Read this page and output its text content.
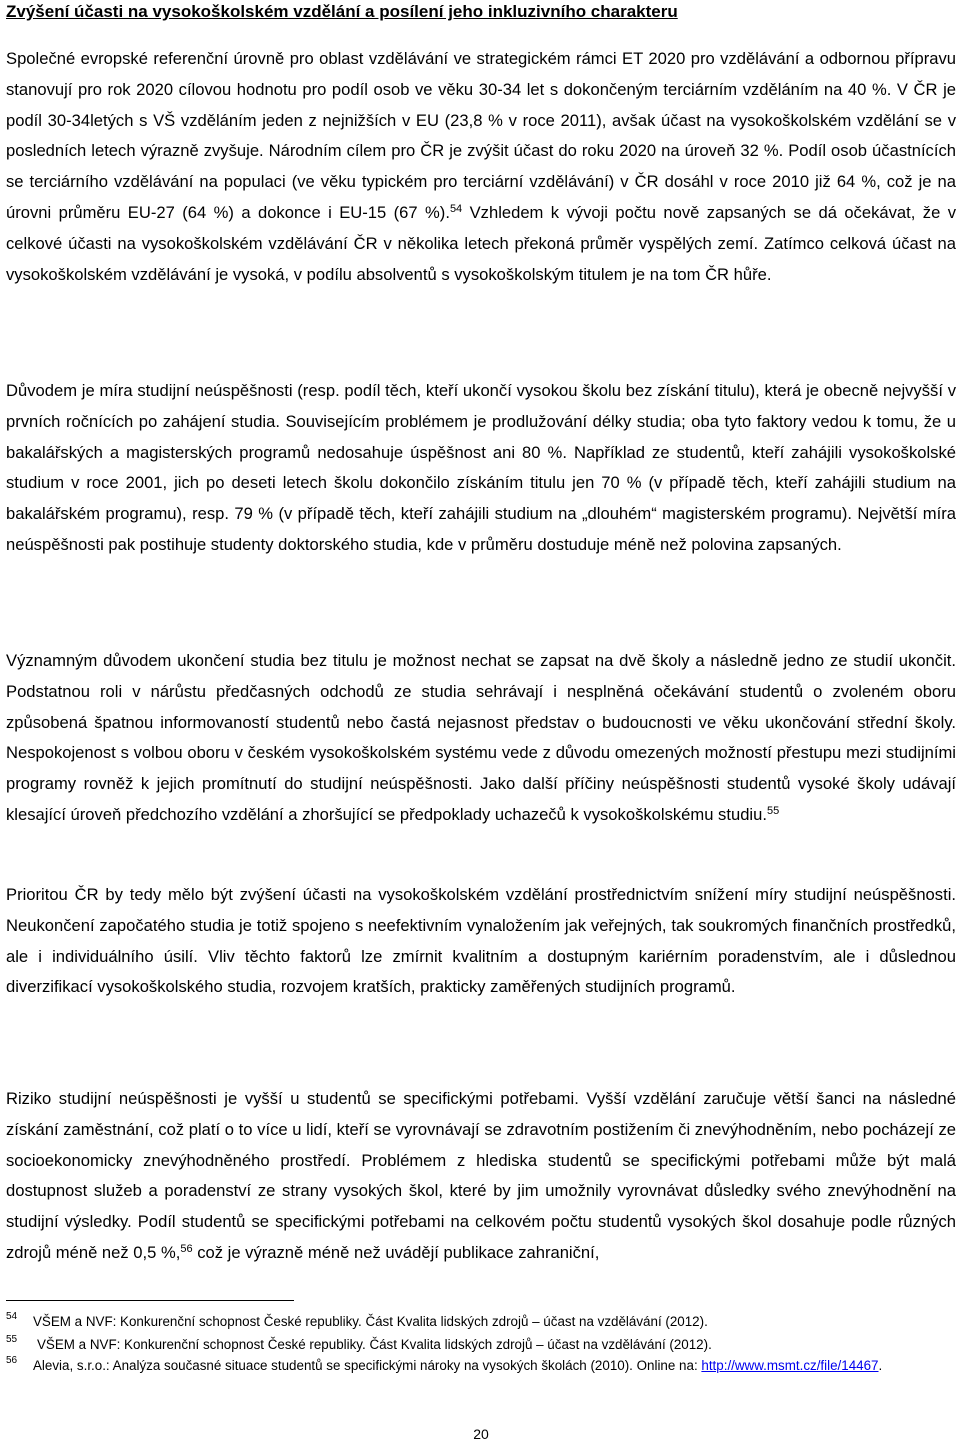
Zvýšení účasti na vysokoškolském vzdělání a posílení jeho inkluzivního charakteru

Společné evropské referenční úrovně pro oblast vzdělávání ve strategickém rámci ET 2020 pro vzdělávání a odbornou přípravu stanovují pro rok 2020 cílovou hodnotu pro podíl osob ve věku 30-34 let s dokončeným terciárním vzděláním na 40 %. V ČR je podíl 30-34letých s VŠ vzděláním jeden z nejnižších v EU (23,8 % v roce 2011), avšak účast na vysokoškolském vzdělání se v posledních letech výrazně zvyšuje. Národním cílem pro ČR je zvýšit účast do roku 2020 na úroveň 32 %. Podíl osob účastnících se terciárního vzdělávání na populaci (ve věku typickém pro terciární vzdělávání) v ČR dosáhl v roce 2010 již 64 %, což je na úrovni průměru EU-27 (64 %) a dokonce i EU-15 (67 %).$^{54}$ Vzhledem k vývoji počtu nově zapsaných se dá očekávat, že v celkové účasti na vysokoškolském vzdělávání ČR v několika letech překoná průměr vyspělých zemí. Zatímco celková účast na vysokoškolském vzdělávání je vysoká, v podílu absolventů s vysokoškolským titulem je na tom ČR hůře.

Důvodem je míra studijní neúspěšnosti (resp. podíl těch, kteří ukončí vysokou školu bez získání titulu), která je obecně nejvyšší v prvních ročnících po zahájení studia. Souvisejícím problémem je prodlužování délky studia; oba tyto faktory vedou k tomu, že u bakalářských a magisterských programů nedosahuje úspěšnost ani 80 %. Například ze studentů, kteří zahájili vysokoškolské studium v roce 2001, jich po deseti letech školu dokončilo získáním titulu jen 70 % (v případě těch, kteří zahájili studium na bakalářském programu), resp. 79 % (v případě těch, kteří zahájili studium na „dlouhém“ magisterském programu). Největší míra neúspěšnosti pak postihuje studenty doktorského studia, kde v průměru dostuduje méně než polovina zapsaných.

Významným důvodem ukončení studia bez titulu je možnost nechat se zapsat na dvě školy a následně jedno ze studií ukončit. Podstatnou roli v nárůstu předčasných odchodů ze studia sehrávají i nesplněná očekávání studentů o zvoleném oboru způsobená špatnou informovaností studentů nebo častá nejasnost představ o budoucnosti ve věku ukončování střední školy. Nespokojenost s volbou oboru v českém vysokoškolském systému vede z důvodu omezených možností přestupu mezi studijními programy rovněž k jejich promítnutí do studijní neúspěšnosti. Jako další příčiny neúspěšnosti studentů vysoké školy udávají klesající úroveň předchozího vzdělání a zhoršující se předpoklady uchazečů k vysokoškolskému studiu.$^{55}$

Prioritou ČR by tedy mělo být zvýšení účasti na vysokoškolském vzdělání prostřednictvím snížení míry studijní neúspěšnosti. Neukončení započatého studia je totiž spojeno s neefektivním vynaložením jak veřejných, tak soukromých finančních prostředků, ale i individuálního úsilí. Vliv těchto faktorů lze zmírnit kvalitním a dostupným kariérním poradenstvím, ale i důslednou diverzifikací vysokoškolského studia, rozvojem kratších, prakticky zaměřených studijních programů.

Riziko studijní neúspěšnosti je vyšší u studentů se specifickými potřebami. Vyšší vzdělání zaručuje větší šanci na následné získání zaměstnání, což platí o to více u lidí, kteří se vyrovnávají se zdravotním postižením či znevýhodněním, nebo pocházejí ze socioekonomicky znevýhodněného prostředí. Problémem z hlediska studentů se specifickými potřebami může být malá dostupnost služeb a poradenství ze strany vysokých škol, které by jim umožnily vyrovnávat důsledky svého znevýhodnění na studijní výsledky. Podíl studentů se specifickými potřebami na celkovém počtu studentů vysokých škol dosahuje podle různých zdrojů méně než 0,5 %,$^{56}$ což je výrazně méně než uvádějí publikace zahraniční,

54 VŠEM a NVF: Konkurenční schopnost České republiky. Část Kvalita lidských zdrojů – účast na vzdělávání (2012).
55 VŠEM a NVF: Konkurenční schopnost České republiky. Část Kvalita lidských zdrojů – účast na vzdělávání (2012).
56 Alevia, s.r.o.: Analýza současné situace studentů se specifickými nároky na vysokých školách (2010). Online na: http://www.msmt.cz/file/14467.
20
